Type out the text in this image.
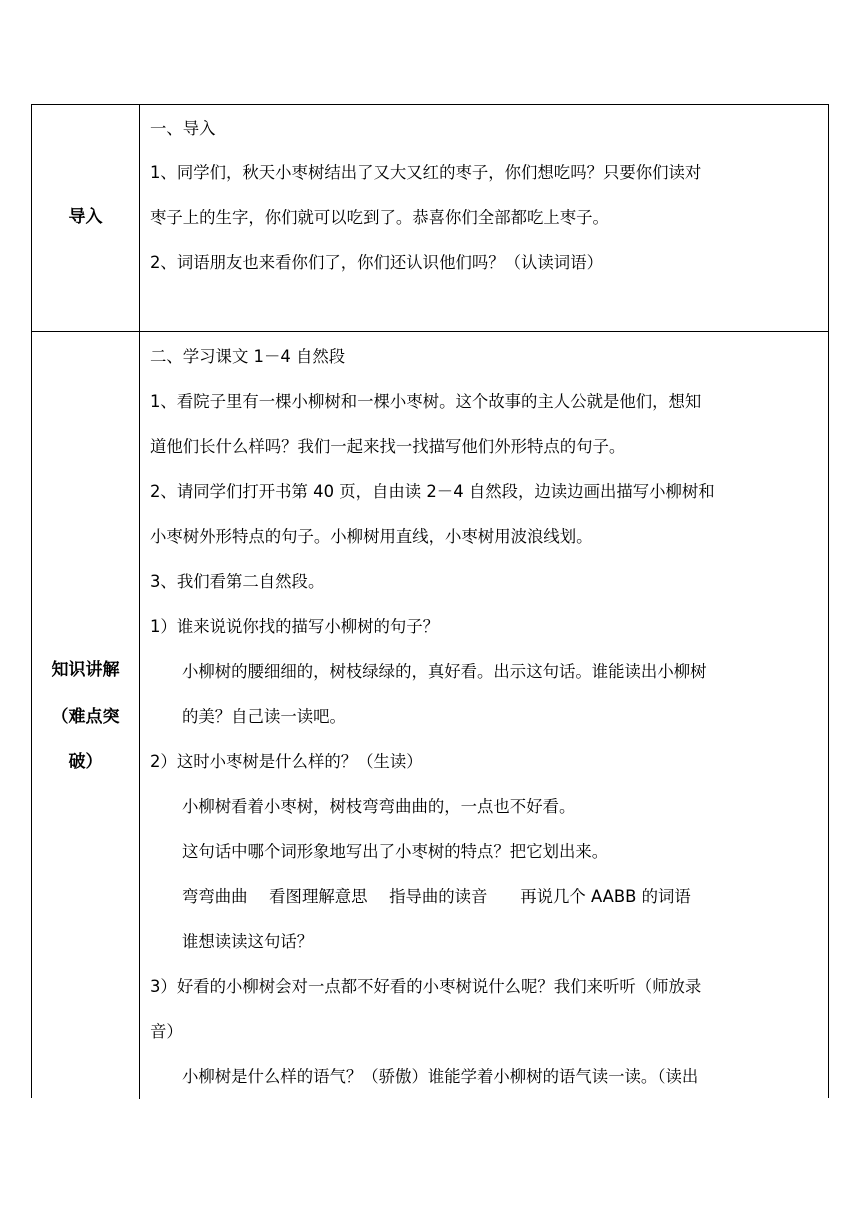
导入
一、导入
1、同学们，秋天小枣树结出了又大又红的枣子，你们想吃吗？只要你们读对
枣子上的生字，你们就可以吃到了。恭喜你们全部都吃上枣子。
2、词语朋友也来看你们了，你们还认识他们吗？（认读词语）
知识讲解
（难点突
破）
二、学习课文 1－4 自然段
1、看院子里有一棵小柳树和一棵小枣树。这个故事的主人公就是他们，想知
道他们长什么样吗？我们一起来找一找描写他们外形特点的句子。
2、请同学们打开书第 40 页，自由读 2－4 自然段，边读边画出描写小柳树和
小枣树外形特点的句子。小柳树用直线，小枣树用波浪线划。
3、我们看第二自然段。
1）谁来说说你找的描写小柳树的句子？
小柳树的腰细细的，树枝绿绿的，真好看。出示这句话。谁能读出小柳树
的美？自己读一读吧。
2）这时小枣树是什么样的？（生读）
小柳树看着小枣树，树枝弯弯曲曲的，一点也不好看。
这句话中哪个词形象地写出了小枣树的特点？把它划出来。
弯弯曲曲　 看图理解意思　 指导曲的读音　　再说几个 AABB 的词语
谁想读读这句话？
3）好看的小柳树会对一点都不好看的小枣树说什么呢？我们来听听（师放录
音）
小柳树是什么样的语气？（骄傲）谁能学着小柳树的语气读一读。（读出
